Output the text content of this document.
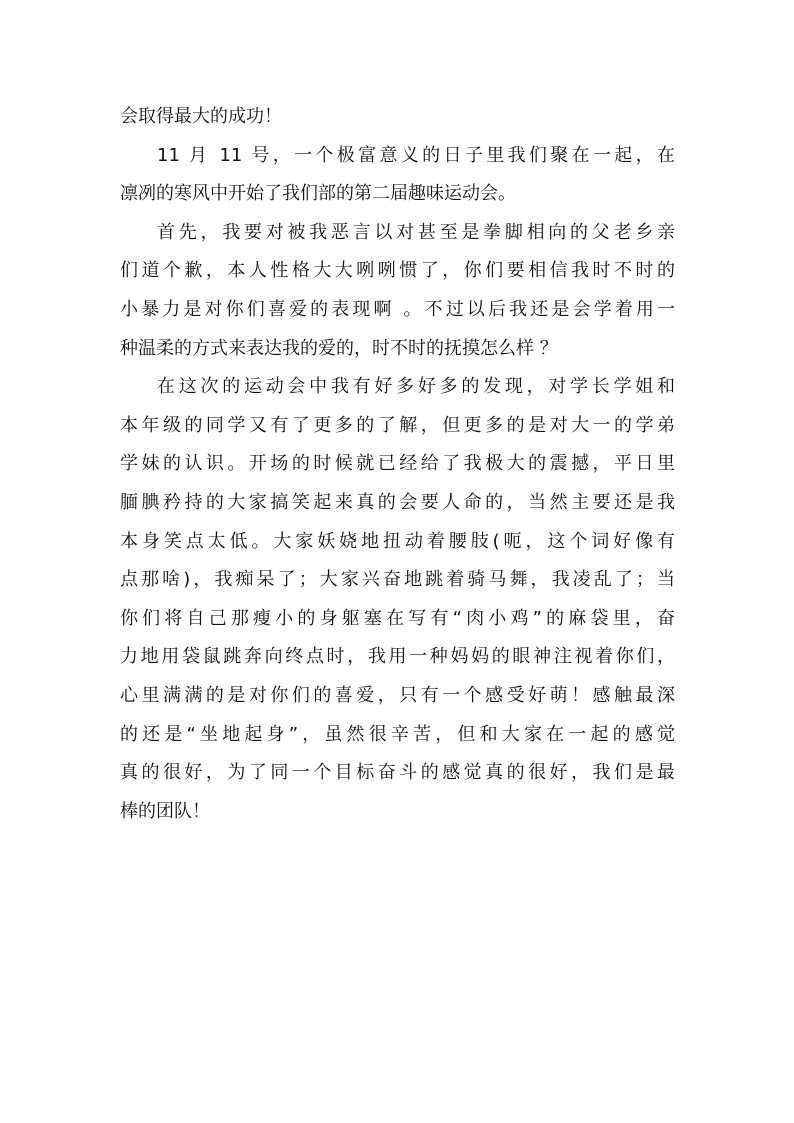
会取得最大的成功！
11 月 11 号，一个极富意义的日子里我们聚在一起，在
凛冽的寒风中开始了我们部的第二届趣味运动会。
首先，我要对被我恶言以对甚至是拳脚相向的父老乡亲
们道个歉，本人性格大大咧咧惯了，你们要相信我时不时的
小暴力是对你们喜爱的表现啊 。不过以后我还是会学着用一
种温柔的方式来表达我的爱的，时不时的抚摸怎么样 ？
在这次的运动会中我有好多好多的发现，对学长学姐和
本年级的同学又有了更多的了解，但更多的是对大一的学弟
学妹的认识。开场的时候就已经给了我极大的震撼，平日里
腼腆矜持的大家搞笑起来真的会要人命的，当然主要还是我
本身笑点太低。大家妖娆地扭动着腰肢(呃，这个词好像有
点那啥)，我痴呆了；大家兴奋地跳着骑马舞，我凌乱了；当
你们将自己那瘦小的身躯塞在写有“肉小鸡”的麻袋里，奋
力地用袋鼠跳奔向终点时，我用一种妈妈的眼神注视着你们，
心里满满的是对你们的喜爱，只有一个感受好萌！感触最深
的还是“坐地起身”，虽然很辛苦，但和大家在一起的感觉
真的很好，为了同一个目标奋斗的感觉真的很好，我们是最
棒的团队！
